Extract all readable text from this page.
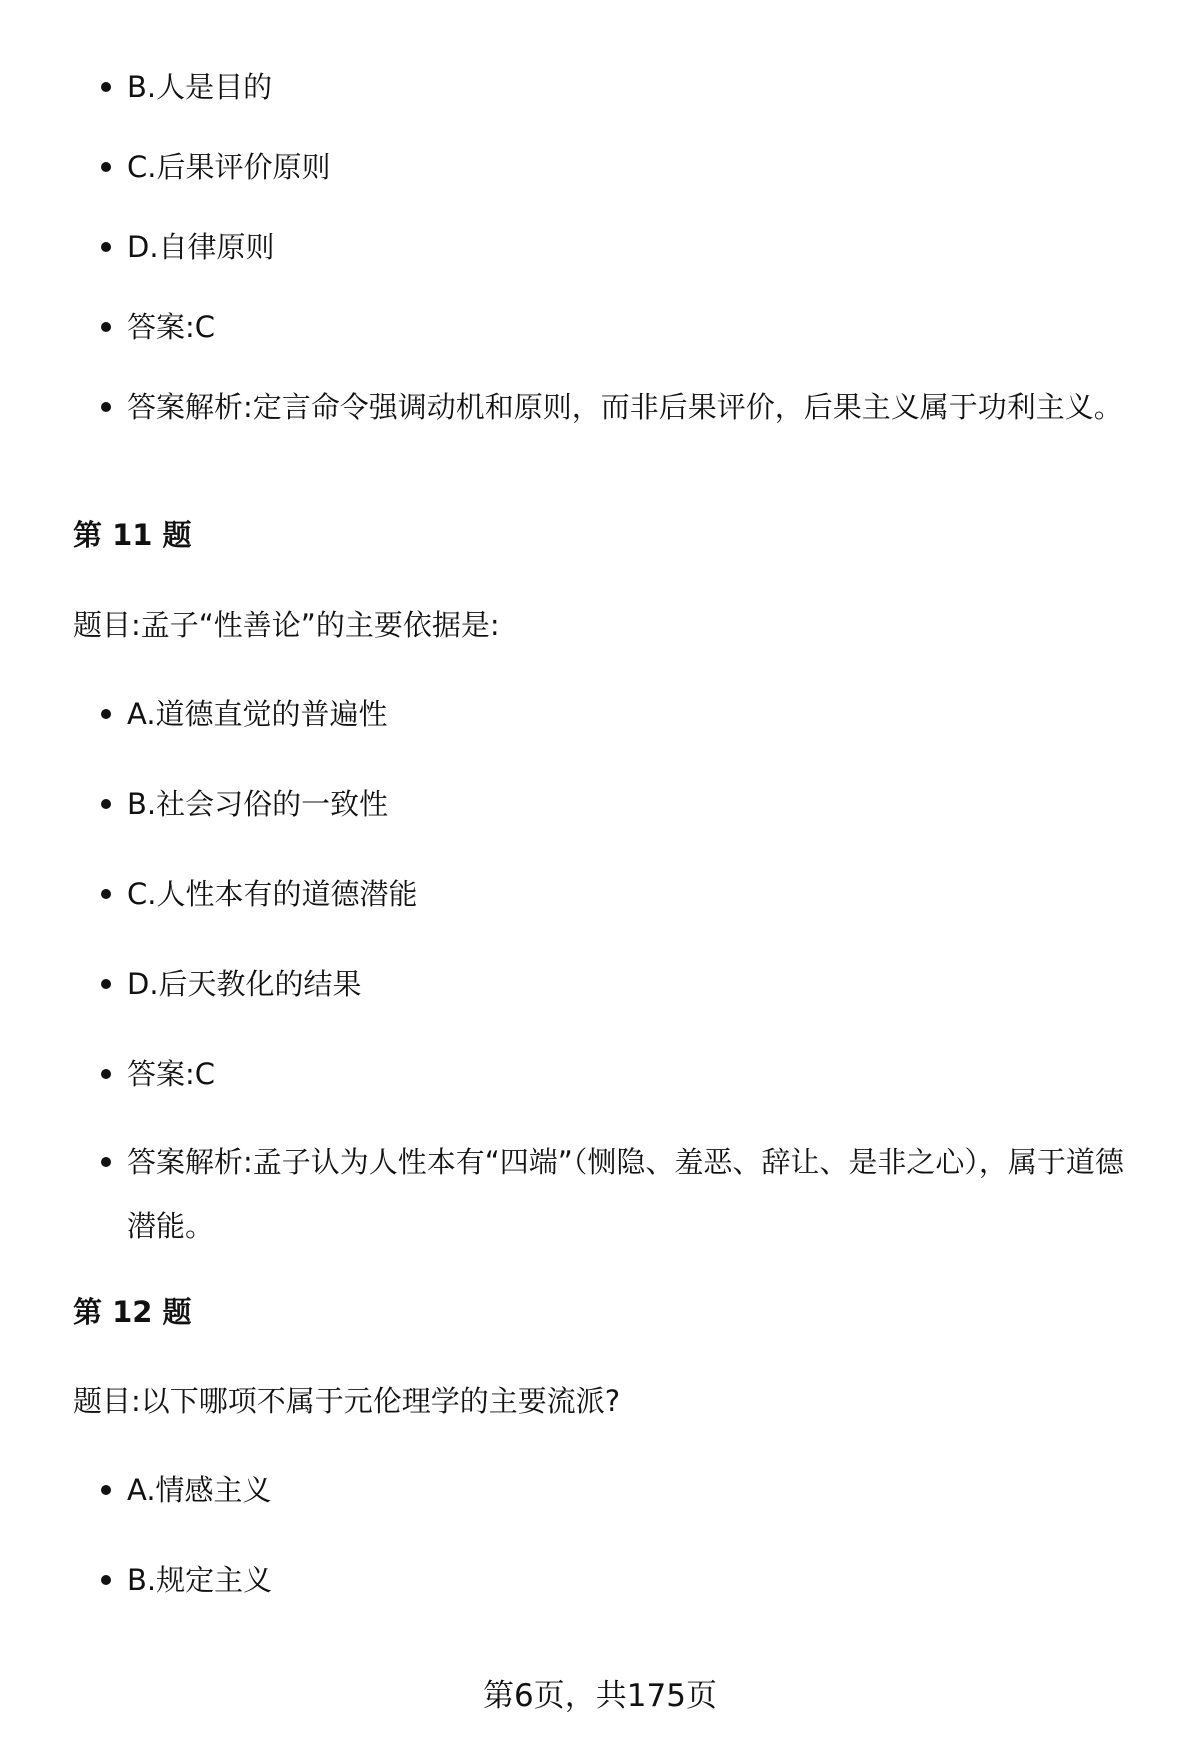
B.人是目的
C.后果评价原则
D.自律原则
答案:C
答案解析:定言命令强调动机和原则，而非后果评价，后果主义属于功利主义。
第 11 题
题目:孟子“性善论”的主要依据是:
A.道德直觉的普遍性
B.社会习俗的一致性
C.人性本有的道德潜能
D.后天教化的结果
答案:C
答案解析:孟子认为人性本有“四端”（恻隐、羞恶、辞让、是非之心），属于道德潜能。
第 12 题
题目:以下哪项不属于元伦理学的主要流派?
A.情感主义
B.规定主义
第6页，共175页
